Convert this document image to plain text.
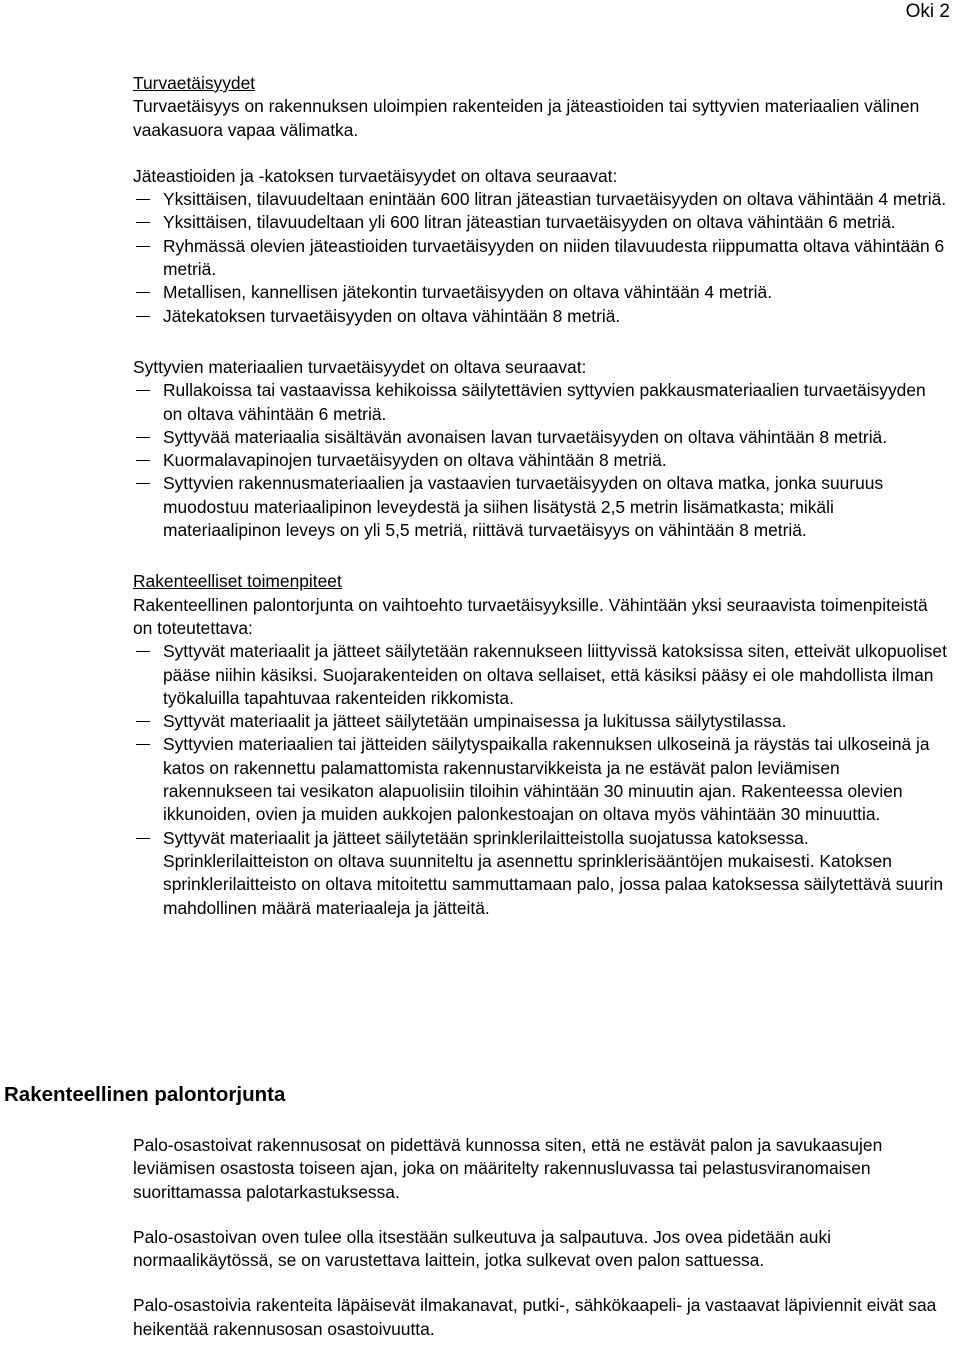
Oki 2
Turvaetäisyydet

Turvaetäisyys on rakennuksen uloimpien rakenteiden ja jäteastioiden tai syttyvien materiaalien välinen vaakasuora vapaa välimatka.

Jäteastioiden ja -katoksen turvaetäisyydet on oltava seuraavat:

Yksittäisen, tilavuudeltaan enintään 600 litran jäteastian turvaetäisyyden on oltava vähintään 4 metriä.
Yksittäisen, tilavuudeltaan yli 600 litran jäteastian turvaetäisyyden on oltava vähintään 6 metriä.
Ryhmässä olevien jäteastioiden turvaetäisyyden on niiden tilavuudesta riippumatta oltava vähintään 6 metriä.
Metallisen, kannellisen jätekontin turvaetäisyyden on oltava vähintään 4 metriä.
Jätekatoksen turvaetäisyyden on oltava vähintään 8 metriä.

Syttyvien materiaalien turvaetäisyydet on oltava seuraavat:

Rullakoissa tai vastaavissa kehikoissa säilytettävien syttyvien pakkausmateriaalien turvaetäisyyden on oltava vähintään 6 metriä.
Syttyvää materiaalia sisältävän avonaisen lavan turvaetäisyyden on oltava vähintään 8 metriä.
Kuormalavapinojen turvaetäisyyden on oltava vähintään 8 metriä.
Syttyvien rakennusmateriaalien ja vastaavien turvaetäisyyden on oltava matka, jonka suuruus muodostuu materiaalipinon leveydestä ja siihen lisätystä 2,5 metrin lisämatkasta; mikäli materiaalipinon leveys on yli 5,5 metriä, riittävä turvaetäisyys on vähintään 8 metriä.
Rakenteelliset toimenpiteet

Rakenteellinen palontorjunta on vaihtoehto turvaetäisyyksille. Vähintään yksi seuraavista toimenpiteistä on toteutettava:

Syttyvät materiaalit ja jätteet säilytetään rakennukseen liittyvissä katoksissa siten, etteivät ulkopuoliset pääse niihin käsiksi. Suojarakenteiden on oltava sellaiset, että käsiksi pääsy ei ole mahdollista ilman työkaluilla tapahtuvaa rakenteiden rikkomista.
Syttyvät materiaalit ja jätteet säilytetään umpinaisessa ja lukitussa säilytystilassa.
Syttyvien materiaalien tai jätteiden säilytyspaikalla rakennuksen ulkoseinä ja räystäs tai ulkoseinä ja katos on rakennettu palamattomista rakennustarvikkeista ja ne estävät palon leviämisen rakennukseen tai vesikaton alapuolisiin tiloihin vähintään 30 minuutin ajan. Rakenteessa olevien ikkunoiden, ovien ja muiden aukkojen palonkestoajan on oltava myös vähintään 30 minuuttia.
Syttyvät materiaalit ja jätteet säilytetään sprinklerilaitteistolla suojatussa katoksessa. Sprinklerilaitteiston on oltava suunniteltu ja asennettu sprinklerisääntöjen mukaisesti. Katoksen sprinklerilaitteisto on oltava mitoitettu sammuttamaan palo, jossa palaa katoksessa säilytettävä suurin mahdollinen määrä materiaaleja ja jätteitä.
Rakenteellinen palontorjunta

Palo-osastoivat rakennusosat on pidettävä kunnossa siten, että ne estävät palon ja savukaasujen leviämisen osastosta toiseen ajan, joka on määritelty rakennusluvassa tai pelastusviranomaisen suorittamassa palotarkastuksessa.

Palo-osastoivan oven tulee olla itsestään sulkeutuva ja salpautuva. Jos ovea pidetään auki normaalikäytössä, se on varustettava laittein, jotka sulkevat oven palon sattuessa.

Palo-osastoivia rakenteita läpäisevät ilmakanavat, putki-, sähkökaapeli- ja vastaavat läpiviennit eivät saa heikentää rakennusosan osastoivuutta.
